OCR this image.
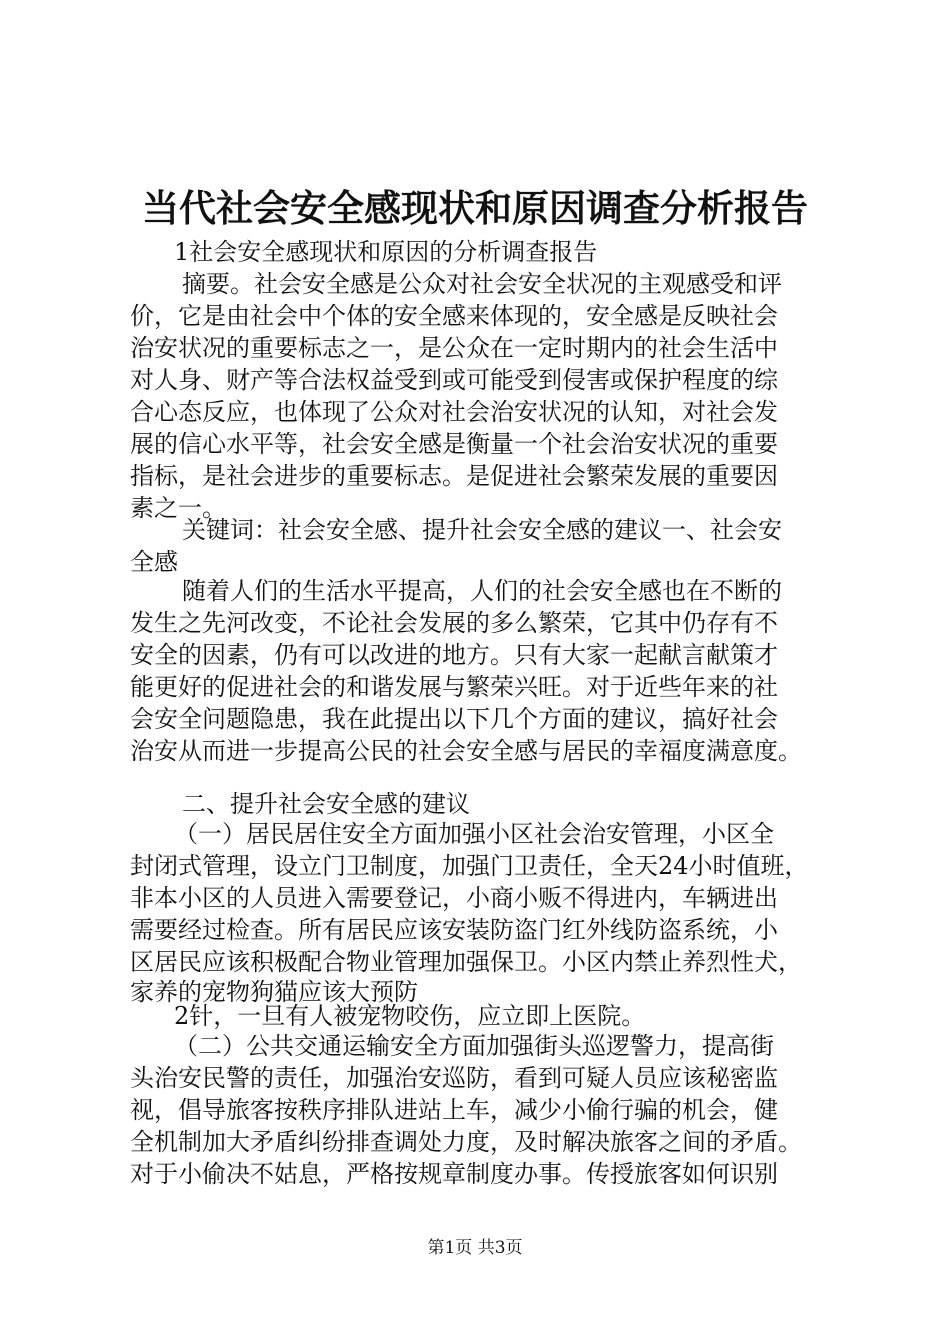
当代社会安全感现状和原因调查分析报告
1社会安全感现状和原因的分析调查报告
摘要。社会安全感是公众对社会安全状况的主观感受和评
价，它是由社会中个体的安全感来体现的，安全感是反映社会
治安状况的重要标志之一，是公众在一定时期内的社会生活中
对人身、财产等合法权益受到或可能受到侵害或保护程度的综
合心态反应，也体现了公众对社会治安状况的认知，对社会发
展的信心水平等，社会安全感是衡量一个社会治安状况的重要
指标，是社会进步的重要标志。是促进社会繁荣发展的重要因
素之一。
关键词：社会安全感、提升社会安全感的建议一、社会安
全感
随着人们的生活水平提高，人们的社会安全感也在不断的
发生之先河改变，不论社会发展的多么繁荣，它其中仍存有不
安全的因素，仍有可以改进的地方。只有大家一起献言献策才
能更好的促进社会的和谐发展与繁荣兴旺。对于近些年来的社
会安全问题隐患，我在此提出以下几个方面的建议，搞好社会
治安从而进一步提高公民的社会安全感与居民的幸福度满意度。
二、提升社会安全感的建议
（一）居民居住安全方面加强小区社会治安管理，小区全
封闭式管理，设立门卫制度，加强门卫责任，全天24小时值班，
非本小区的人员进入需要登记，小商小贩不得进内，车辆进出
需要经过检查。所有居民应该安装防盗门红外线防盗系统，小
区居民应该积极配合物业管理加强保卫。小区内禁止养烈性犬，
家养的宠物狗猫应该大预防
2针，一旦有人被宠物咬伤，应立即上医院。
（二）公共交通运输安全方面加强街头巡逻警力，提高街
头治安民警的责任，加强治安巡防，看到可疑人员应该秘密监
视，倡导旅客按秩序排队进站上车，减少小偷行骗的机会，健
全机制加大矛盾纠纷排查调处力度，及时解决旅客之间的矛盾。
对于小偷决不姑息，严格按规章制度办事。传授旅客如何识别
第1页 共3页
